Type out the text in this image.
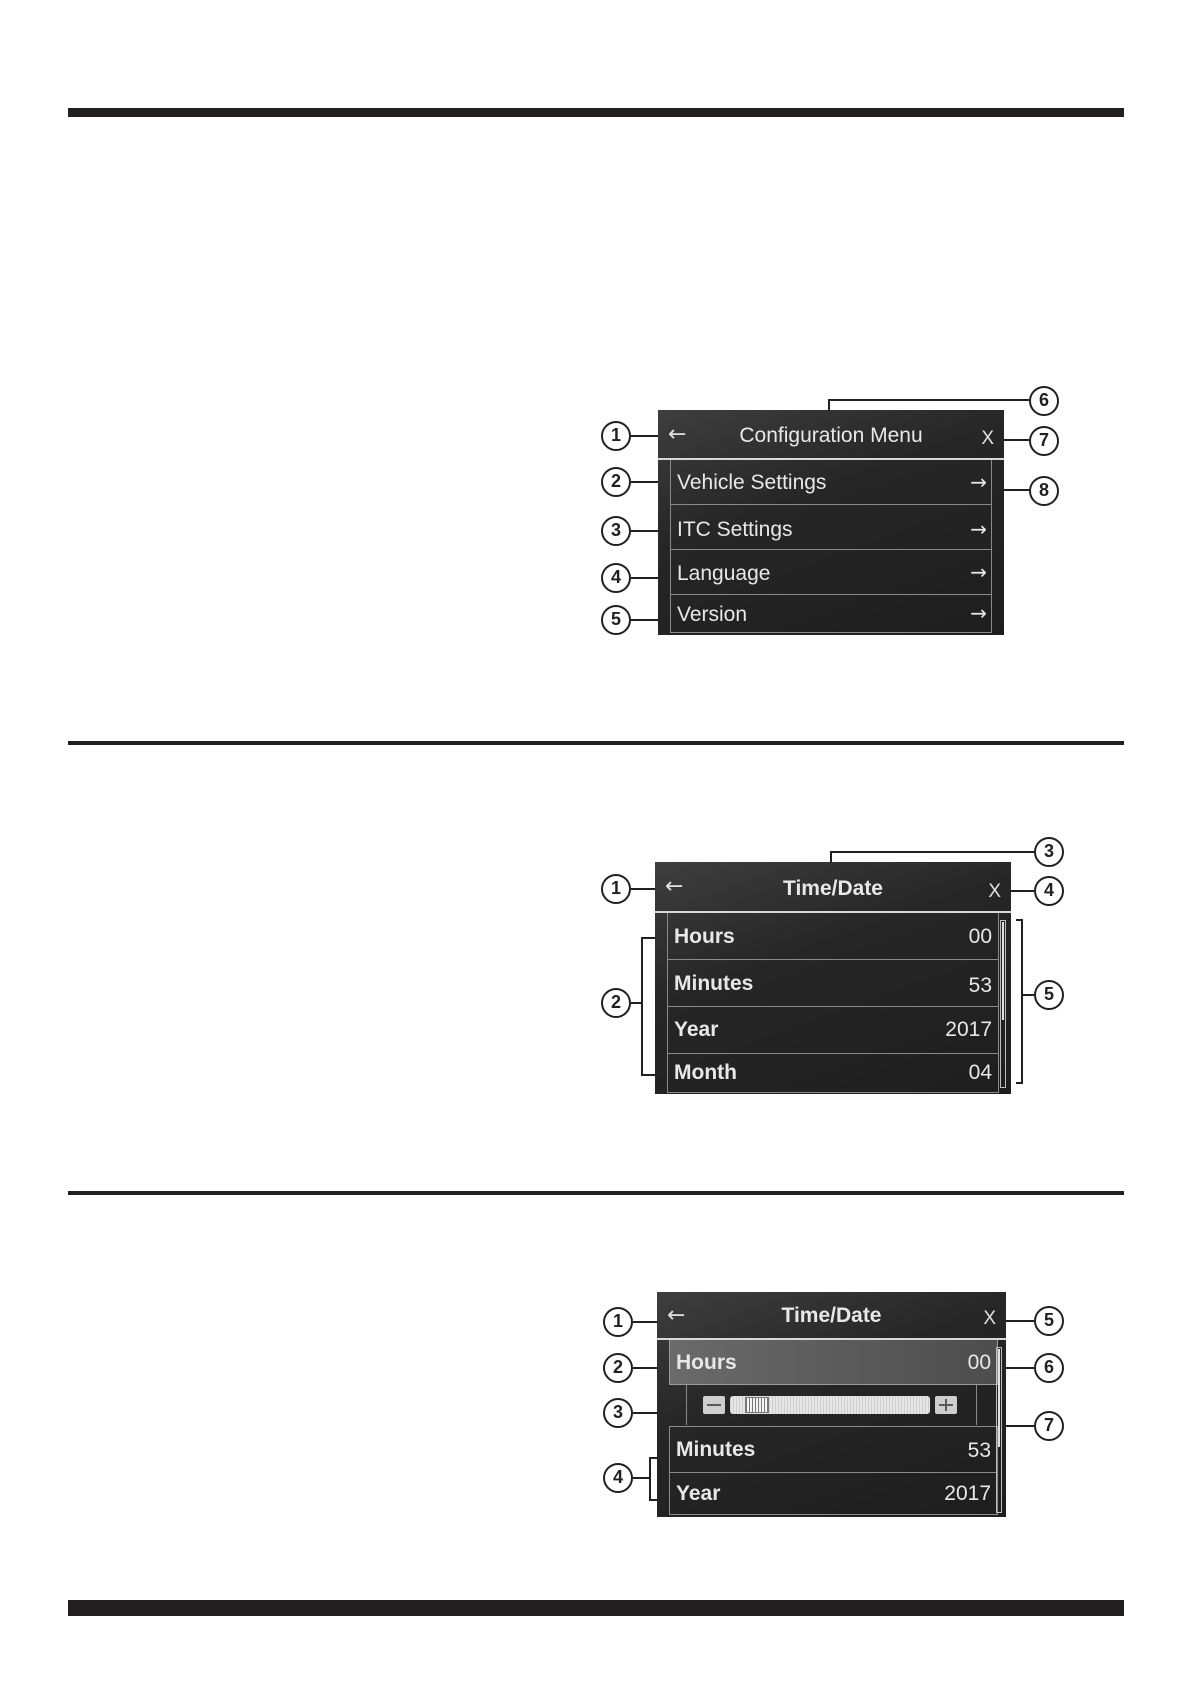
←	Configuration Menu	X
Vehicle Settings	→
ITC Settings	→
Language	→
Version	→
1
2
3
4
5
6
7
8
←	Time/Date	X
Hours	00
Minutes	53
Year	2017
Month	04
1
2
3
4
5
←	Time/Date	X
Hours	00
Minutes	53
Year	2017
1
2
3
4
5
6
7
